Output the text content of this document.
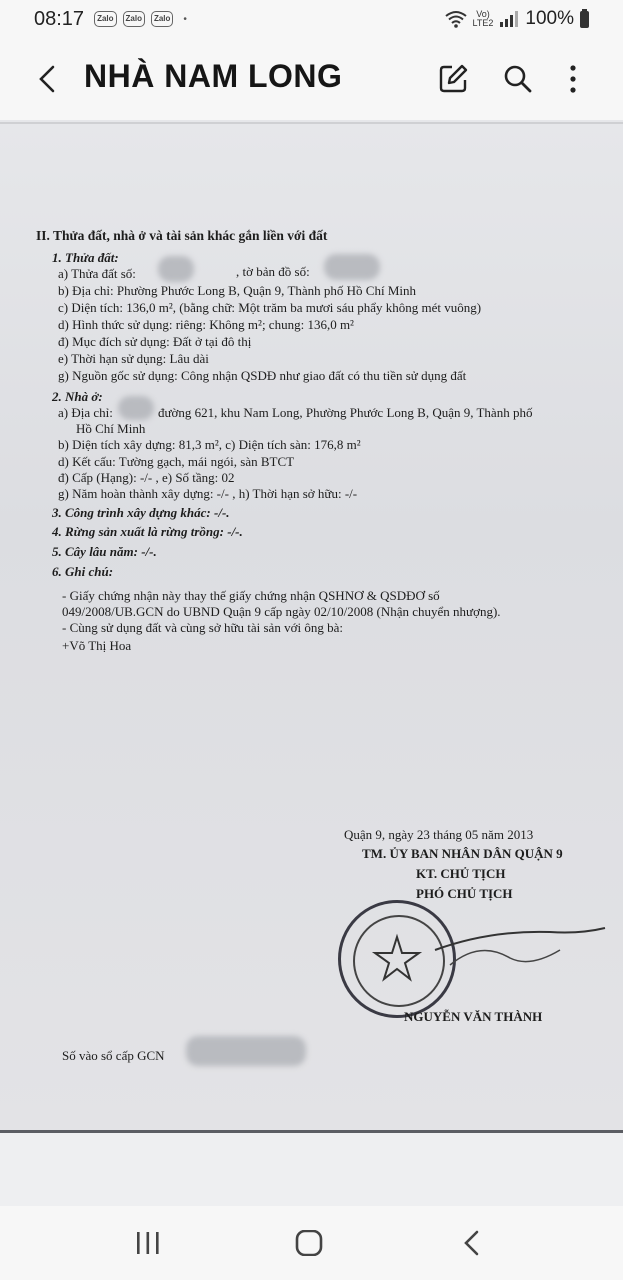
08:17	Zalo	Zalo	Zalo	•	Vo)
LTE2 100%
NHÀ NAM LONG
II. Thửa đất, nhà ở và tài sản khác gắn liền với đất
1. Thửa đất:
a) Thửa đất số:	, tờ bản đồ số:
b) Địa chỉ: Phường Phước Long B, Quận 9, Thành phố Hồ Chí Minh
c) Diện tích: 136,0 m², (bằng chữ: Một trăm ba mươi sáu phẩy không mét vuông)
d) Hình thức sử dụng: riêng: Không m²; chung: 136,0 m²
đ) Mục đích sử dụng: Đất ở tại đô thị
e) Thời hạn sử dụng: Lâu dài
g) Nguồn gốc sử dụng: Công nhận QSDĐ như giao đất có thu tiền sử dụng đất
2. Nhà ở:
a) Địa chỉ:	đường 621, khu Nam Long, Phường Phước Long B, Quận 9, Thành phố
Hồ Chí Minh
b) Diện tích xây dựng: 81,3 m², c) Diện tích sàn: 176,8 m²
d) Kết cấu: Tường gạch, mái ngói, sàn BTCT
đ) Cấp (Hạng): -/- , e) Số tầng: 02
g) Năm hoàn thành xây dựng: -/- , h) Thời hạn sở hữu: -/-
3. Công trình xây dựng khác: -/-.
4. Rừng sản xuất là rừng trồng: -/-.
5. Cây lâu năm: -/-.
6. Ghi chú:
- Giấy chứng nhận này thay thế giấy chứng nhận QSHNƠ & QSDĐƠ số
049/2008/UB.GCN do UBND Quận 9 cấp ngày 02/10/2008 (Nhận chuyển nhượng).
- Cùng sử dụng đất và cùng sở hữu tài sản với ông bà:
+Võ Thị Hoa
Quận 9, ngày 23 tháng 05 năm 2013
TM. ỦY BAN NHÂN DÂN QUẬN 9
KT. CHỦ TỊCH
PHÓ CHỦ TỊCH
NGUYỄN VĂN THÀNH
Số vào sổ cấp GCN
